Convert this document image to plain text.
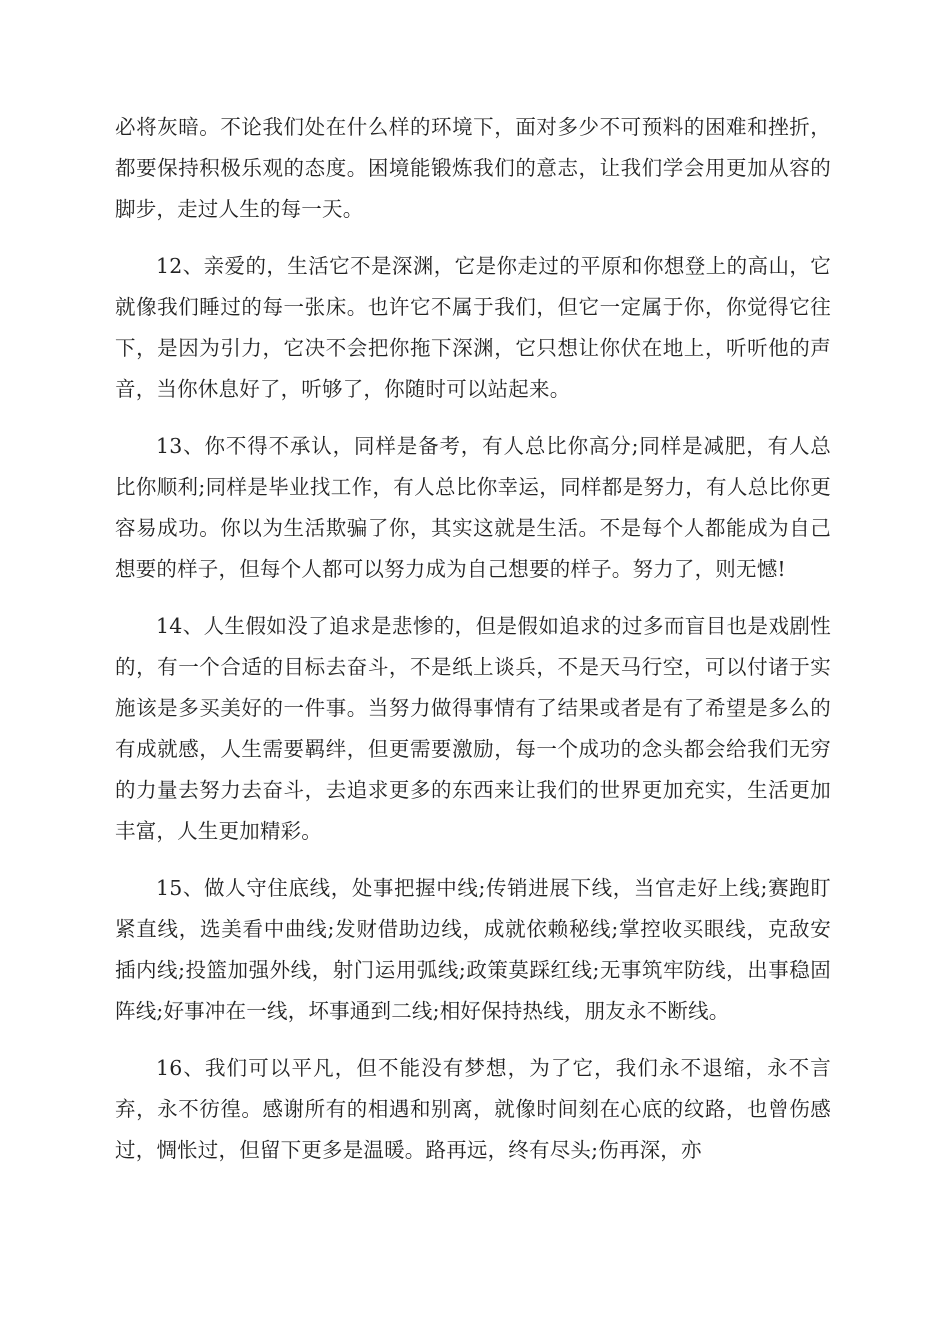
必将灰暗。不论我们处在什么样的环境下，面对多少不可预料的困难和挫折，都要保持积极乐观的态度。困境能锻炼我们的意志，让我们学会用更加从容的脚步，走过人生的每一天。

12、亲爱的，生活它不是深渊，它是你走过的平原和你想登上的高山，它就像我们睡过的每一张床。也许它不属于我们，但它一定属于你，你觉得它往下，是因为引力，它决不会把你拖下深渊，它只想让你伏在地上，听听他的声音，当你休息好了，听够了，你随时可以站起来。

13、你不得不承认，同样是备考，有人总比你高分;同样是减肥，有人总比你顺利;同样是毕业找工作，有人总比你幸运，同样都是努力，有人总比你更容易成功。你以为生活欺骗了你，其实这就是生活。不是每个人都能成为自己想要的样子，但每个人都可以努力成为自己想要的样子。努力了，则无憾!

14、人生假如没了追求是悲惨的，但是假如追求的过多而盲目也是戏剧性的，有一个合适的目标去奋斗，不是纸上谈兵，不是天马行空，可以付诸于实施该是多买美好的一件事。当努力做得事情有了结果或者是有了希望是多么的有成就感，人生需要羁绊，但更需要激励，每一个成功的念头都会给我们无穷的力量去努力去奋斗，去追求更多的东西来让我们的世界更加充实，生活更加丰富，人生更加精彩。

15、做人守住底线，处事把握中线;传销进展下线，当官走好上线;赛跑盯紧直线，选美看中曲线;发财借助边线，成就依赖秘线;掌控收买眼线，克敌安插内线;投篮加强外线，射门运用弧线;政策莫踩红线;无事筑牢防线，出事稳固阵线;好事冲在一线，坏事通到二线;相好保持热线，朋友永不断线。

16、我们可以平凡，但不能没有梦想，为了它，我们永不退缩，永不言弃，永不彷徨。感谢所有的相遇和别离，就像时间刻在心底的纹路，也曾伤感过，惆怅过，但留下更多是温暖。路再远，终有尽头;伤再深，亦
